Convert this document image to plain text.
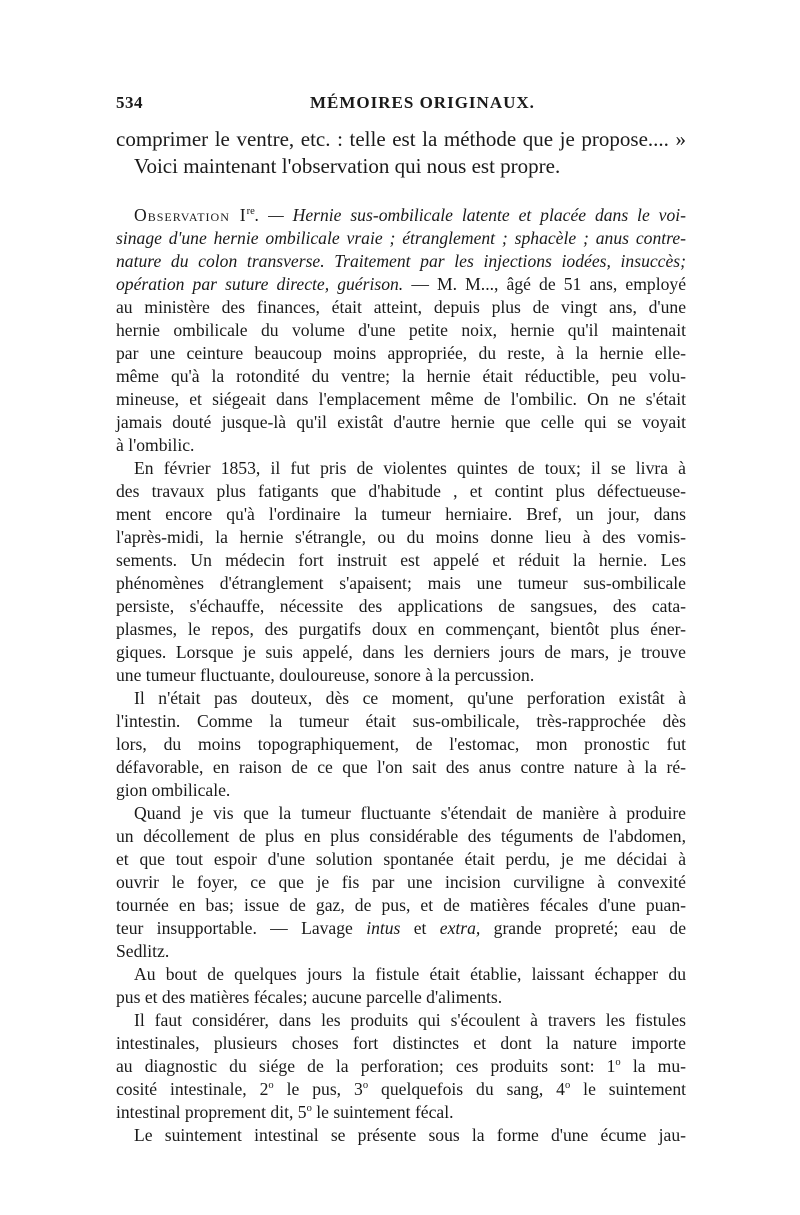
534	MÉMOIRES ORIGINAUX.
comprimer le ventre, etc. : telle est la méthode que je propose.... »
Voici maintenant l'observation qui nous est propre.
Observation Ire. — Hernie sus-ombilicale latente et placée dans le voi-
sinage d'une hernie ombilicale vraie ; étranglement ; sphacèle ; anus contre-
nature du colon transverse. Traitement par les injections iodées, insuccès;
opération par suture directe, guérison. — M. M..., âgé de 51 ans, employé
au ministère des finances, était atteint, depuis plus de vingt ans, d'une
hernie ombilicale du volume d'une petite noix, hernie qu'il maintenait
par une ceinture beaucoup moins appropriée, du reste, à la hernie elle-
même qu'à la rotondité du ventre; la hernie était réductible, peu volu-
mineuse, et siégeait dans l'emplacement même de l'ombilic. On ne s'était
jamais douté jusque-là qu'il existât d'autre hernie que celle qui se voyait
à l'ombilic.
En février 1853, il fut pris de violentes quintes de toux; il se livra à
des travaux plus fatigants que d'habitude , et contint plus défectueuse-
ment encore qu'à l'ordinaire la tumeur herniaire. Bref, un jour, dans
l'après-midi, la hernie s'étrangle, ou du moins donne lieu à des vomis-
sements. Un médecin fort instruit est appelé et réduit la hernie. Les
phénomènes d'étranglement s'apaisent; mais une tumeur sus-ombilicale
persiste, s'échauffe, nécessite des applications de sangsues, des cata-
plasmes, le repos, des purgatifs doux en commençant, bientôt plus éner-
giques. Lorsque je suis appelé, dans les derniers jours de mars, je trouve
une tumeur fluctuante, douloureuse, sonore à la percussion.
Il n'était pas douteux, dès ce moment, qu'une perforation existât à
l'intestin. Comme la tumeur était sus-ombilicale, très-rapprochée dès
lors, du moins topographiquement, de l'estomac, mon pronostic fut
défavorable, en raison de ce que l'on sait des anus contre nature à la ré-
gion ombilicale.
Quand je vis que la tumeur fluctuante s'étendait de manière à produire
un décollement de plus en plus considérable des téguments de l'abdomen,
et que tout espoir d'une solution spontanée était perdu, je me décidai à
ouvrir le foyer, ce que je fis par une incision curviligne à convexité
tournée en bas; issue de gaz, de pus, et de matières fécales d'une puan-
teur insupportable. — Lavage intus et extra, grande propreté; eau de
Sedlitz.
Au bout de quelques jours la fistule était établie, laissant échapper du
pus et des matières fécales; aucune parcelle d'aliments.
Il faut considérer, dans les produits qui s'écoulent à travers les fistules
intestinales, plusieurs choses fort distinctes et dont la nature importe
au diagnostic du siége de la perforation; ces produits sont: 1$^o$ la mu-
cosité intestinale, 2$^o$ le pus, 3$^o$ quelquefois du sang, 4$^o$ le suintement
intestinal proprement dit, 5$^o$ le suintement fécal.
Le suintement intestinal se présente sous la forme d'une écume jau-
